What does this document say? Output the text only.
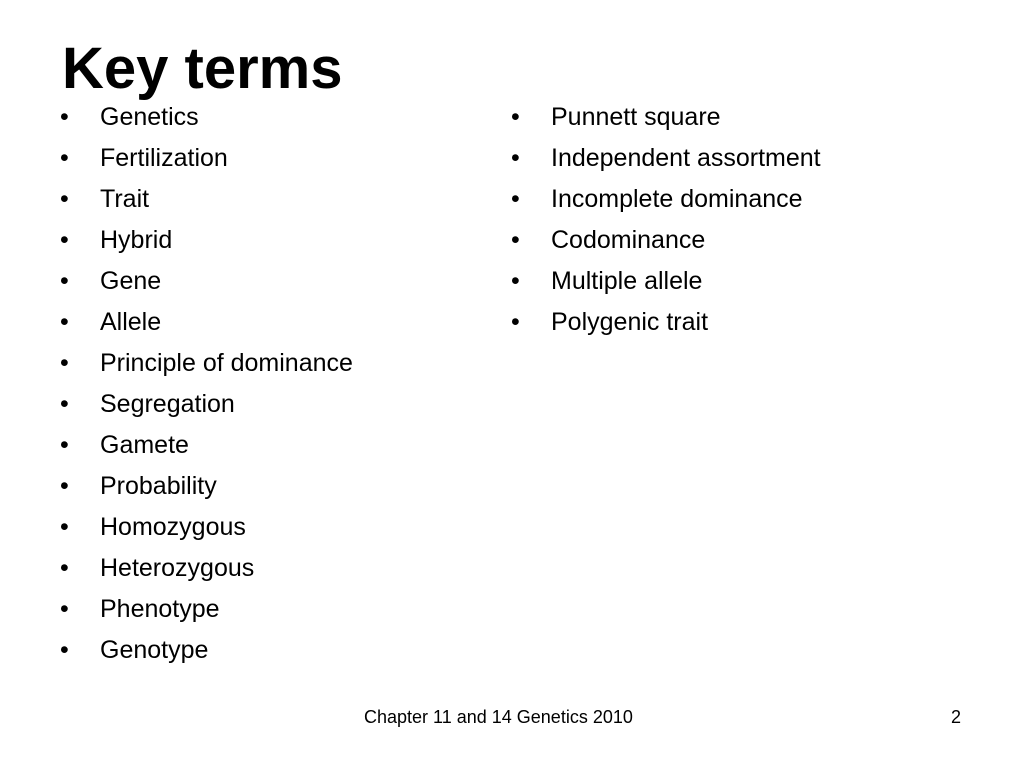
Key terms
• Genetics
• Fertilization
• Trait
• Hybrid
• Gene
• Allele
• Principle of dominance
• Segregation
• Gamete
• Probability
• Homozygous
• Heterozygous
• Phenotype
• Genotype
• Punnett square
• Independent assortment
• Incomplete dominance
• Codominance
• Multiple allele
• Polygenic trait
Chapter 11 and 14 Genetics 2010	2
